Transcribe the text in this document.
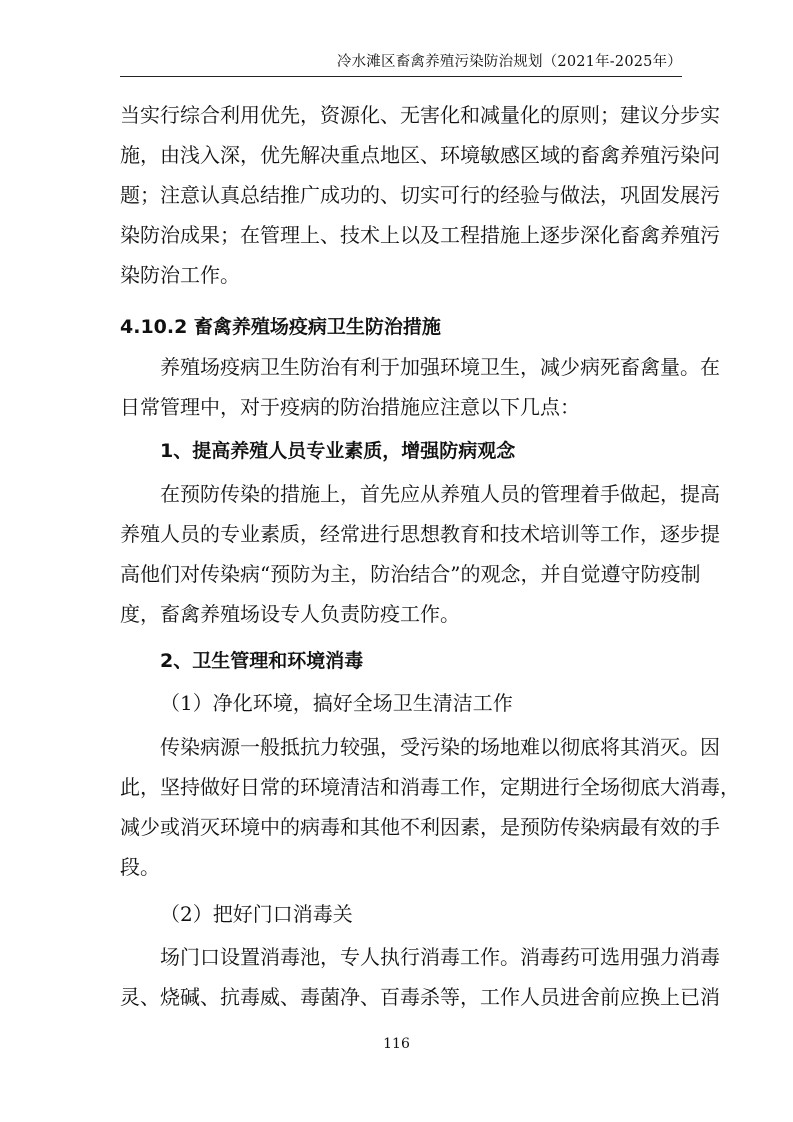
冷水滩区畜禽养殖污染防治规划（2021年-2025年）
当实行综合利用优先，资源化、无害化和减量化的原则；建议分步实
施，由浅入深，优先解决重点地区、环境敏感区域的畜禽养殖污染问
题；注意认真总结推广成功的、切实可行的经验与做法，巩固发展污
染防治成果；在管理上、技术上以及工程措施上逐步深化畜禽养殖污
染防治工作。
4.10.2 畜禽养殖场疫病卫生防治措施
养殖场疫病卫生防治有利于加强环境卫生，减少病死畜禽量。在
日常管理中，对于疫病的防治措施应注意以下几点：
1、提高养殖人员专业素质，增强防病观念
在预防传染的措施上，首先应从养殖人员的管理着手做起，提高
养殖人员的专业素质，经常进行思想教育和技术培训等工作，逐步提
高他们对传染病“预防为主，防治结合”的观念，并自觉遵守防疫制
度，畜禽养殖场设专人负责防疫工作。
2、卫生管理和环境消毒
（1）净化环境，搞好全场卫生清洁工作
传染病源一般抵抗力较强，受污染的场地难以彻底将其消灭。因
此，坚持做好日常的环境清洁和消毒工作，定期进行全场彻底大消毒，
减少或消灭环境中的病毒和其他不利因素，是预防传染病最有效的手
段。
（2）把好门口消毒关
场门口设置消毒池，专人执行消毒工作。消毒药可选用强力消毒
灵、烧碱、抗毒威、毒菌净、百毒杀等，工作人员进舍前应换上已消
116
